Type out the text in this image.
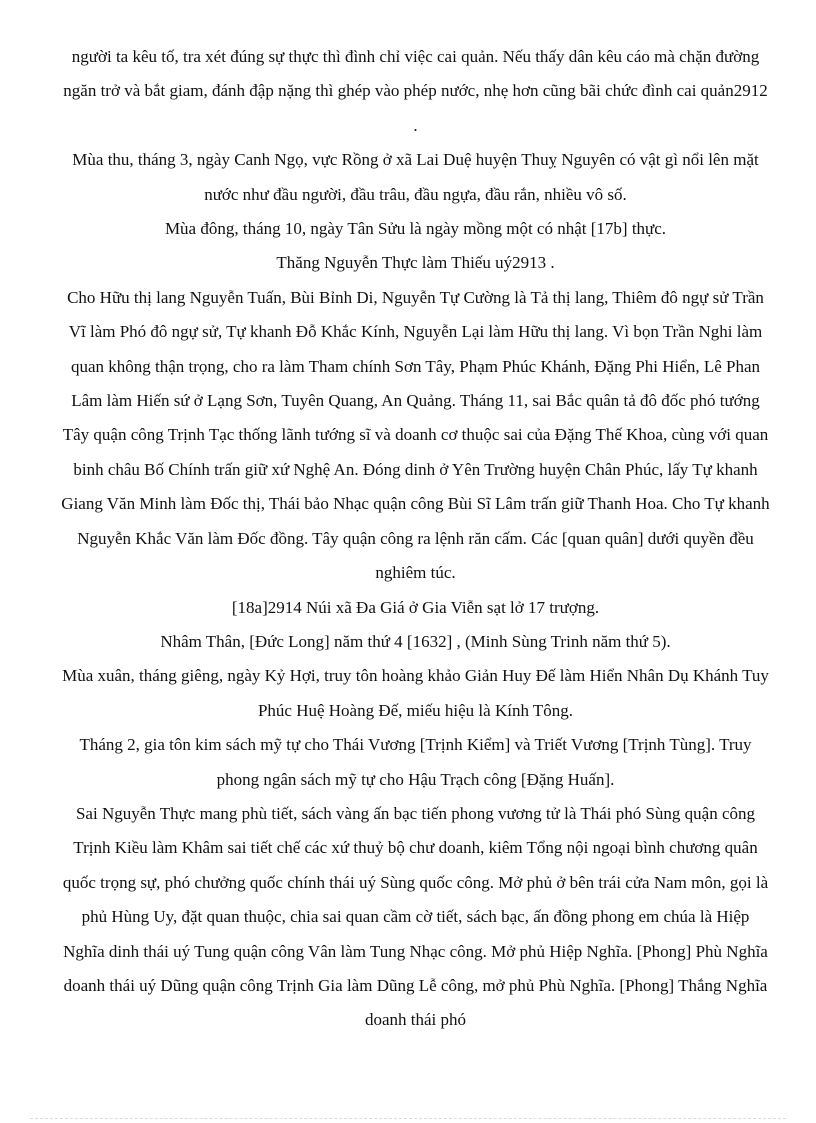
người ta kêu tố, tra xét đúng sự thực thì đình chỉ việc cai quản. Nếu thấy dân kêu cáo mà chặn đường ngăn trở và bắt giam, đánh đập nặng thì ghép vào phép nước, nhẹ hơn cũng bãi chức đình cai quản2912 .

Mùa thu, tháng 3, ngày Canh Ngọ, vực Rồng ở xã Lai Duệ huyện Thuỵ Nguyên có vật gì nổi lên mặt nước như đầu người, đầu trâu, đầu ngựa, đầu rắn, nhiều vô số.

Mùa đông, tháng 10, ngày Tân Sửu là ngày mồng một có nhật [17b] thực.

Thăng Nguyễn Thực làm Thiếu uý2913 .

Cho Hữu thị lang Nguyễn Tuấn, Bùi Bỉnh Di, Nguyễn Tự Cường là Tả thị lang, Thiêm đô ngự sử Trần Vĩ làm Phó đô ngự sử, Tự khanh Đỗ Khắc Kính, Nguyễn Lại làm Hữu thị lang. Vì bọn Trần Nghi làm quan không thận trọng, cho ra làm Tham chính Sơn Tây, Phạm Phúc Khánh, Đặng Phi Hiển, Lê Phan Lâm làm Hiến sứ ở Lạng Sơn, Tuyên Quang, An Quảng. Tháng 11, sai Bắc quân tả đô đốc phó tướng Tây quận công Trịnh Tạc thống lãnh tướng sĩ và doanh cơ thuộc sai của Đặng Thế Khoa, cùng với quan binh châu Bố Chính trấn giữ xứ Nghệ An. Đóng dinh ở Yên Trường huyện Chân Phúc, lấy Tự khanh Giang Văn Minh làm Đốc thị, Thái bảo Nhạc quận công Bùi Sĩ Lâm trấn giữ Thanh Hoa. Cho Tự khanh Nguyễn Khắc Văn làm Đốc đồng. Tây quận công ra lệnh răn cấm. Các [quan quân] dưới quyền đều nghiêm túc.

[18a]2914 Núi xã Đa Giá ở Gia Viễn sạt lở 17 trượng.

Nhâm Thân, [Đức Long] năm thứ 4 [1632] , (Minh Sùng Trinh năm thứ 5).

Mùa xuân, tháng giêng, ngày Kỷ Hợi, truy tôn hoàng khảo Giản Huy Đế làm Hiển Nhân Dụ Khánh Tuy Phúc Huệ Hoàng Đế, miếu hiệu là Kính Tông.

Tháng 2, gia tôn kim sách mỹ tự cho Thái Vương [Trịnh Kiểm] và Triết Vương [Trịnh Tùng]. Truy phong ngân sách mỹ tự cho Hậu Trạch công [Đặng Huấn].

Sai Nguyễn Thực mang phù tiết, sách vàng ấn bạc tiến phong vương tử là Thái phó Sùng quận công Trịnh Kiều làm Khâm sai tiết chế các xứ thuỷ bộ chư doanh, kiêm Tổng nội ngoại bình chương quân quốc trọng sự, phó chưởng quốc chính thái uý Sùng quốc công. Mở phủ ở bên trái cửa Nam môn, gọi là phủ Hùng Uy, đặt quan thuộc, chia sai quan cầm cờ tiết, sách bạc, ấn đồng phong em chúa là Hiệp Nghĩa dinh thái uý Tung quận công Vân làm Tung Nhạc công. Mở phủ Hiệp Nghĩa. [Phong] Phù Nghĩa doanh thái uý Dũng quận công Trịnh Gia làm Dũng Lễ công, mở phủ Phù Nghĩa. [Phong] Thắng Nghĩa doanh thái phó
